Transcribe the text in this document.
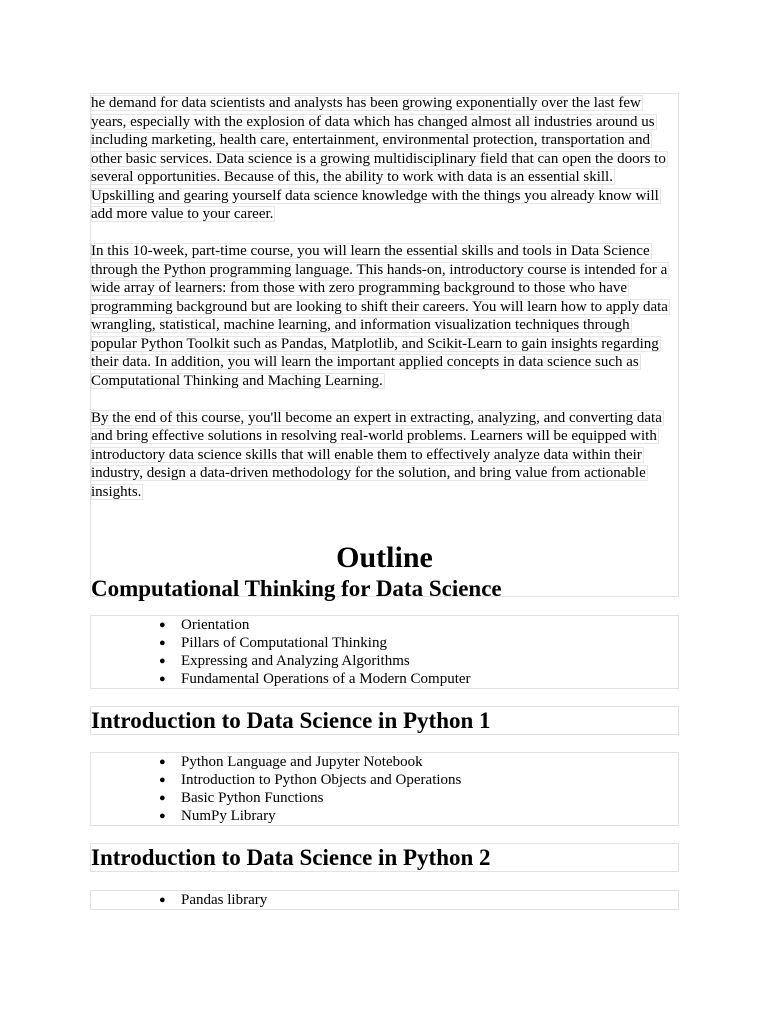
he demand for data scientists and analysts has been growing exponentially over the last few
years, especially with the explosion of data which has changed almost all industries around us
including marketing, health care, entertainment, environmental protection, transportation and
other basic services. Data science is a growing multidisciplinary field that can open the doors to
several opportunities. Because of this, the ability to work with data is an essential skill.
Upskilling and gearing yourself data science knowledge with the things you already know will
add more value to your career.

In this 10-week, part-time course, you will learn the essential skills and tools in Data Science
through the Python programming language. This hands-on, introductory course is intended for a
wide array of learners: from those with zero programming background to those who have
programming background but are looking to shift their careers. You will learn how to apply data
wrangling, statistical, machine learning, and information visualization techniques through
popular Python Toolkit such as Pandas, Matplotlib, and Scikit-Learn to gain insights regarding
their data. In addition, you will learn the important applied concepts in data science such as
Computational Thinking and Maching Learning.

By the end of this course, you'll become an expert in extracting, analyzing, and converting data
and bring effective solutions in resolving real-world problems. Learners will be equipped with
introductory data science skills that will enable them to effectively analyze data within their
industry, design a data-driven methodology for the solution, and bring value from actionable
insights.

Outline
Computational Thinking for Data Science
● Orientation
● Pillars of Computational Thinking
● Expressing and Analyzing Algorithms
● Fundamental Operations of a Modern Computer
Introduction to Data Science in Python 1
● Python Language and Jupyter Notebook
● Introduction to Python Objects and Operations
● Basic Python Functions
● NumPy Library
Introduction to Data Science in Python 2
● Pandas library
